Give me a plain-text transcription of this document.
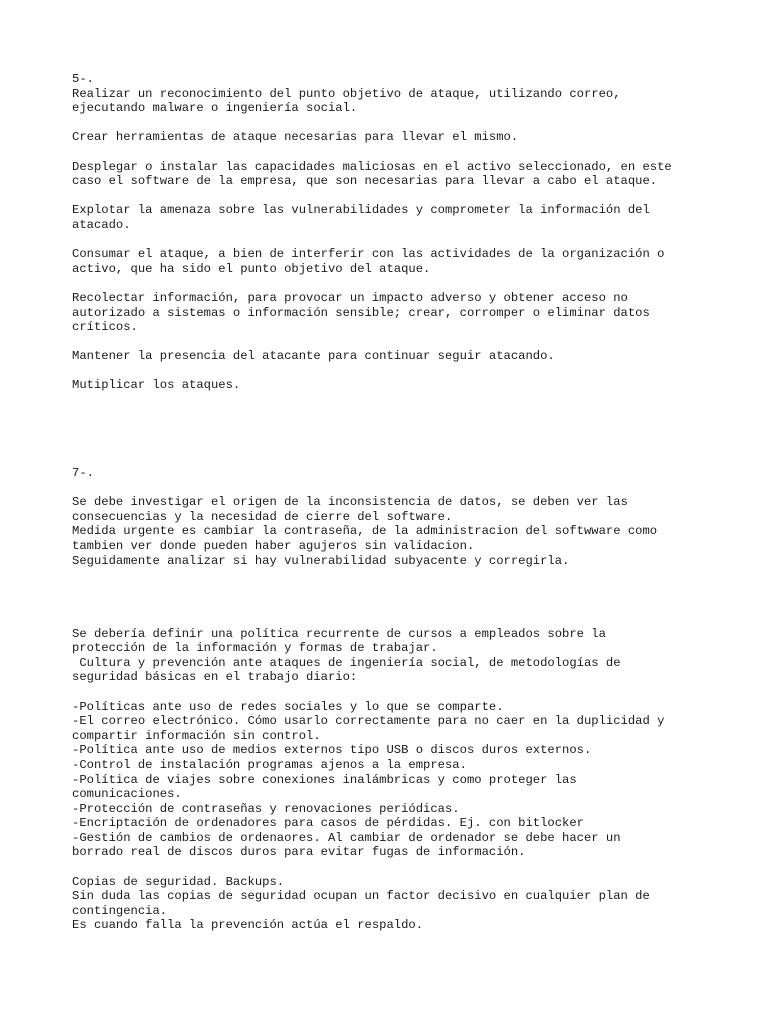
5-.
Realizar un reconocimiento del punto objetivo de ataque, utilizando correo,
ejecutando malware o ingeniería social.
Crear herramientas de ataque necesarias para llevar el mismo.
Desplegar o instalar las capacidades maliciosas en el activo seleccionado, en este
caso el software de la empresa, que son necesarias para llevar a cabo el ataque.
Explotar la amenaza sobre las vulnerabilidades y comprometer la información del
atacado.
Consumar el ataque, a bien de interferir con las actividades de la organización o
activo, que ha sido el punto objetivo del ataque.
Recolectar información, para provocar un impacto adverso y obtener acceso no
autorizado a sistemas o información sensible; crear, corromper o eliminar datos
críticos.
Mantener la presencia del atacante para continuar seguir atacando.
Mutiplicar los ataques.
7-.
Se debe investigar el origen de la inconsistencia de datos, se deben ver las
consecuencias y la necesidad de cierre del software.
Medida urgente es cambiar la contraseña, de la administracion del softwware como
tambien ver donde pueden haber agujeros sin validacion.
Seguidamente analizar si hay vulnerabilidad subyacente y corregirla.
Se debería definir una política recurrente de cursos a empleados sobre la
protección de la información y formas de trabajar.
Cultura y prevención ante ataques de ingeniería social, de metodologías de
seguridad básicas en el trabajo diario:
-Políticas ante uso de redes sociales y lo que se comparte.
-El correo electrónico. Cómo usarlo correctamente para no caer en la duplicidad y
compartir información sin control.
-Política ante uso de medios externos tipo USB o discos duros externos.
-Control de instalación programas ajenos a la empresa.
-Política de viajes sobre conexiones inalámbricas y como proteger las
comunicaciones.
-Protección de contraseñas y renovaciones periódicas.
-Encriptación de ordenadores para casos de pérdidas. Ej. con bitlocker
-Gestión de cambios de ordenaores. Al cambiar de ordenador se debe hacer un
borrado real de discos duros para evitar fugas de información.
Copias de seguridad. Backups.
Sin duda las copias de seguridad ocupan un factor decisivo en cualquier plan de
contingencia.
Es cuando falla la prevención actúa el respaldo.
